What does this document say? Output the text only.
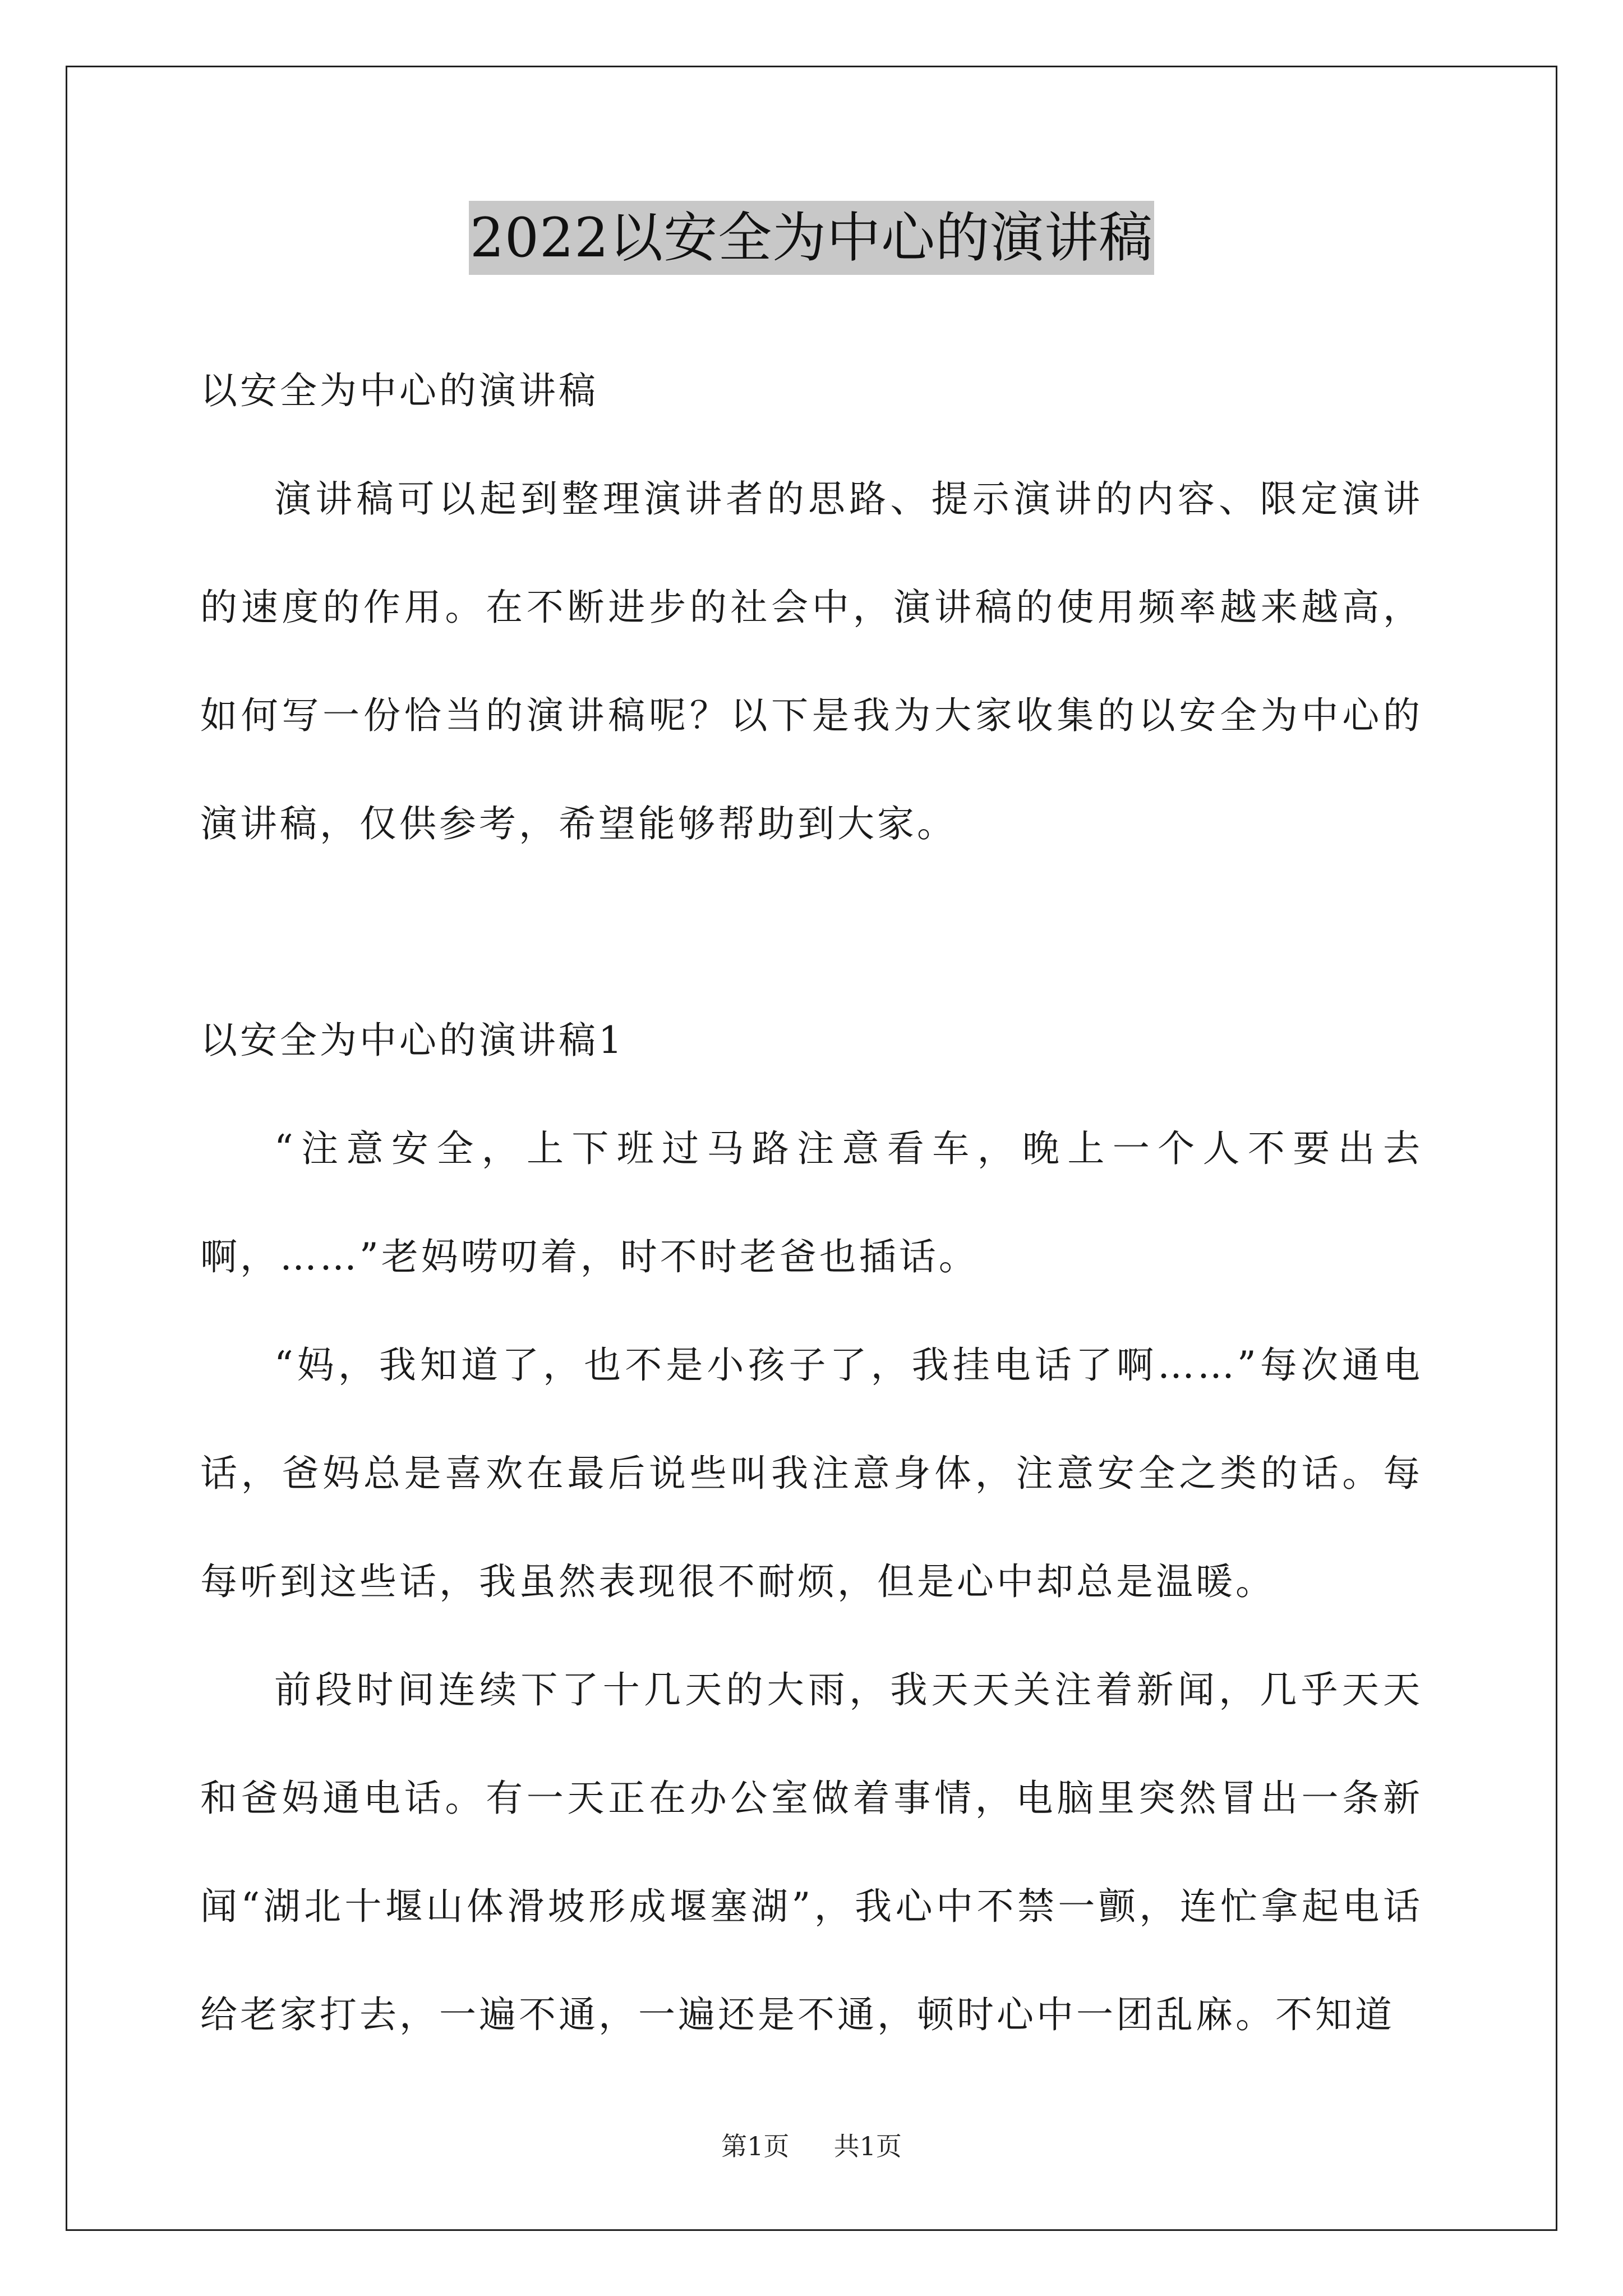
2022以安全为中心的演讲稿

以安全为中心的演讲稿

演讲稿可以起到整理演讲者的思路、提示演讲的内容、限定演讲的速度的作用。在不断进步的社会中，演讲稿的使用频率越来越高，如何写一份恰当的演讲稿呢？以下是我为大家收集的以安全为中心的演讲稿，仅供参考，希望能够帮助到大家。

以安全为中心的演讲稿1

“注意安全，上下班过马路注意看车，晚上一个人不要出去啊，……”老妈唠叨着，时不时老爸也插话。

“妈，我知道了，也不是小孩子了，我挂电话了啊……”每次通电话，爸妈总是喜欢在最后说些叫我注意身体，注意安全之类的话。每每听到这些话，我虽然表现很不耐烦，但是心中却总是温暖。

前段时间连续下了十几天的大雨，我天天关注着新闻，几乎天天和爸妈通电话。有一天正在办公室做着事情，电脑里突然冒出一条新闻“湖北十堰山体滑坡形成堰塞湖”，我心中不禁一颤，连忙拿起电话给老家打去，一遍不通，一遍还是不通，顿时心中一团乱麻。不知道

第1页 共1页
